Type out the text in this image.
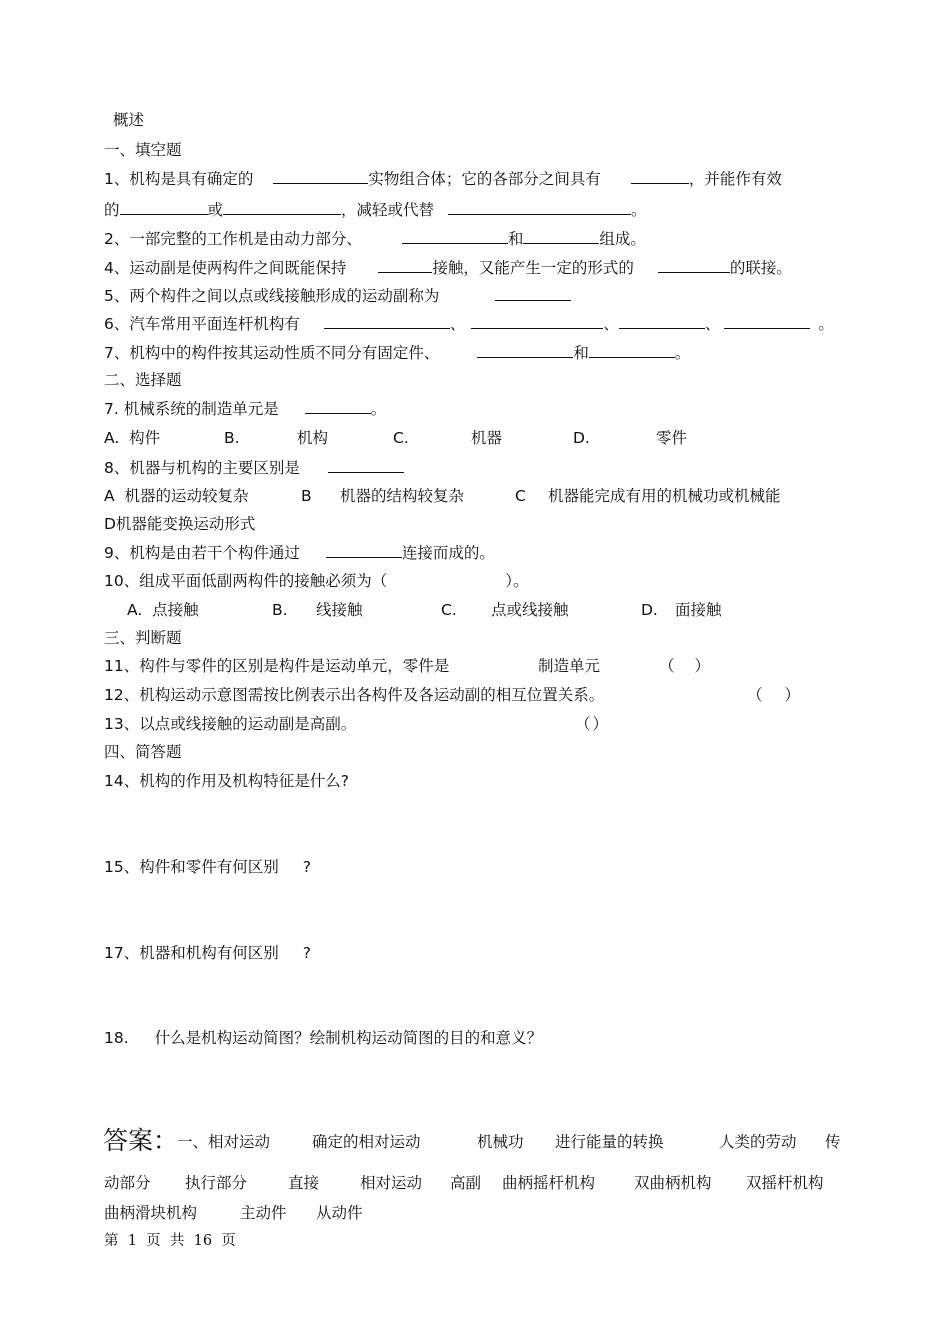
概述
一、填空题
1、机构是具有确定的	实物组合体；它的各部分之间具有	，并能作有效
的	或	，减轻或代替	。
2、一部完整的工作机是由动力部分、	和	组成。
4、运动副是使两构件之间既能保持	接触，又能产生一定的形式的	的联接。
5、两个构件之间以点或线接触形成的运动副称为
6、汽车常用平面连杆机构有	、	、	、	。
7、机构中的构件按其运动性质不同分有固定件、	和	。
二、选择题
7. 机械系统的制造单元是	。
A.  构件	B.	机构	C.	机器	D.	零件
8、机器与机构的主要区别是
A  机器的运动较复杂	B 机器的结构较复杂	C 机器能完成有用的机械功或机械能
D机器能变换运动形式
9、机构是由若干个构件通过	连接而成的。
10、组成平面低副两构件的接触必须为（	）。
A.  点接触	B. 线接触	C. 点或线接触	D. 面接触
三、判断题
11、构件与零件的区别是构件是运动单元，零件是	制造单元	（ ）
12、机构运动示意图需按比例表示出各构件及各运动副的相互位置关系。	（ ）
13、以点或线接触的运动副是高副。	（ ）
四、简答题
14、机构的作用及机构特征是什么?
15、构件和零件有何区别 ?
17、机器和机构有何区别 ?
18. 什么是机构运动简图？绘制机构运动简图的目的和意义？
答案：
一、相对运动	确定的相对运动	机械功 进行能量的转换	人类的劳动 传
动部分 执行部分	直接	相对运动 高副 曲柄摇杆机构	双曲柄机构 双摇杆机构
曲柄滑块机构	主动件 从动件
第  1  页  共  16  页
